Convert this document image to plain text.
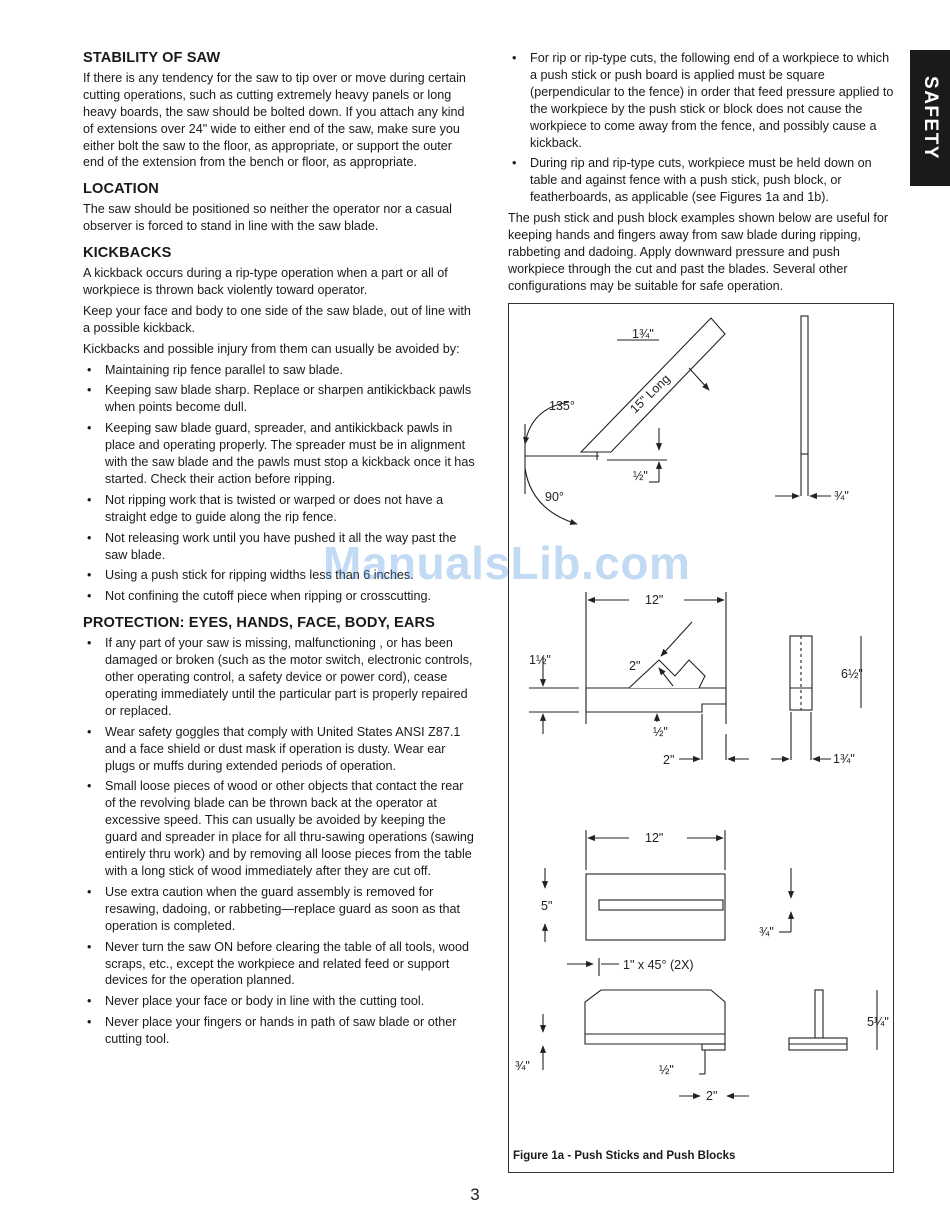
SAFETY
STABILITY OF SAW

If there is any tendency for the saw to tip over or move during certain cutting operations, such as cutting extremely heavy panels or long heavy boards, the saw should be bolted down. If you attach any kind of extensions over 24" wide to either end of the saw, make sure you either bolt the saw to the floor, as appropriate, or support the outer end of the extension from the bench or floor, as appropriate.

LOCATION

The saw should be positioned so neither the operator nor a casual observer is forced to stand in line with the saw blade.

KICKBACKS

A kickback occurs during a rip-type operation when a part or all of workpiece is thrown back violently toward operator.

Keep your face and body to one side of the saw blade, out of line with a possible kickback.

Kickbacks and possible injury from them can usually be avoided by:

• Maintaining rip fence parallel to saw blade.
• Keeping saw blade sharp. Replace or sharpen antikickback pawls when points become dull.
• Keeping saw blade guard, spreader, and antikickback pawls in place and operating properly. The spreader must be in alignment with the saw blade and the pawls must stop a kickback once it has started. Check their action before ripping.
• Not ripping work that is twisted or warped or does not have a straight edge to guide along the rip fence.
• Not releasing work until you have pushed it all the way past the saw blade.
• Using a push stick for ripping widths less than 6 inches.
• Not confining the cutoff piece when ripping or crosscutting.
PROTECTION: EYES, HANDS, FACE, BODY, EARS
• If any part of your saw is missing, malfunctioning , or has been damaged or broken (such as the motor switch, electronic controls, other operating control, a safety device or power cord), cease operating immediately until the particular part is properly repaired or replaced.
• Wear safety goggles that comply with United States ANSI Z87.1 and a face shield or dust mask if operation is dusty. Wear ear plugs or muffs during extended periods of operation.
• Small loose pieces of wood or other objects that contact the rear of the revolving blade can be thrown back at the operator at excessive speed. This can usually be avoided by keeping the guard and spreader in place for all thru-sawing operations (sawing entirely thru work) and by removing all loose pieces from the table with a long stick of wood immediately after they are cut off.
• Use extra caution when the guard assembly is removed for resawing, dadoing, or rabbeting—replace guard as soon as that operation is completed.
• Never turn the saw ON before clearing the table of all tools, wood scraps, etc., except the workpiece and related feed or support devices for the operation planned.
• Never place your face or body in line with the cutting tool.
• Never place your fingers or hands in path of saw blade or other cutting tool.
• For rip or rip-type cuts, the following end of a workpiece to which a push stick or push board is applied must be square (perpendicular to the fence) in order that feed pressure applied to the workpiece by the push stick or block does not cause the workpiece to come away from the fence, and possibly cause a kickback.
• During rip and rip-type cuts, workpiece must be held down on table and against fence with a push stick, push block, or featherboards, as applicable (see Figures 1a and 1b).

The push stick and push block examples shown below are useful for keeping hands and fingers away from saw blade during ripping, rabbeting and dadoing. Apply downward pressure and push workpiece through the cut and past the blades. Several other configurations may be suitable for safe operation.

1¾"
15" Long
135°
90°
½"
¾"
12"
1½"	2"
½"
2"
6½"
1¾"
12"
5"
¾"
1" x 45° (2X)
5¼"
¾"	½"
2"
Figure 1a - Push Sticks and Push Blocks
ManualsLib.com
3
